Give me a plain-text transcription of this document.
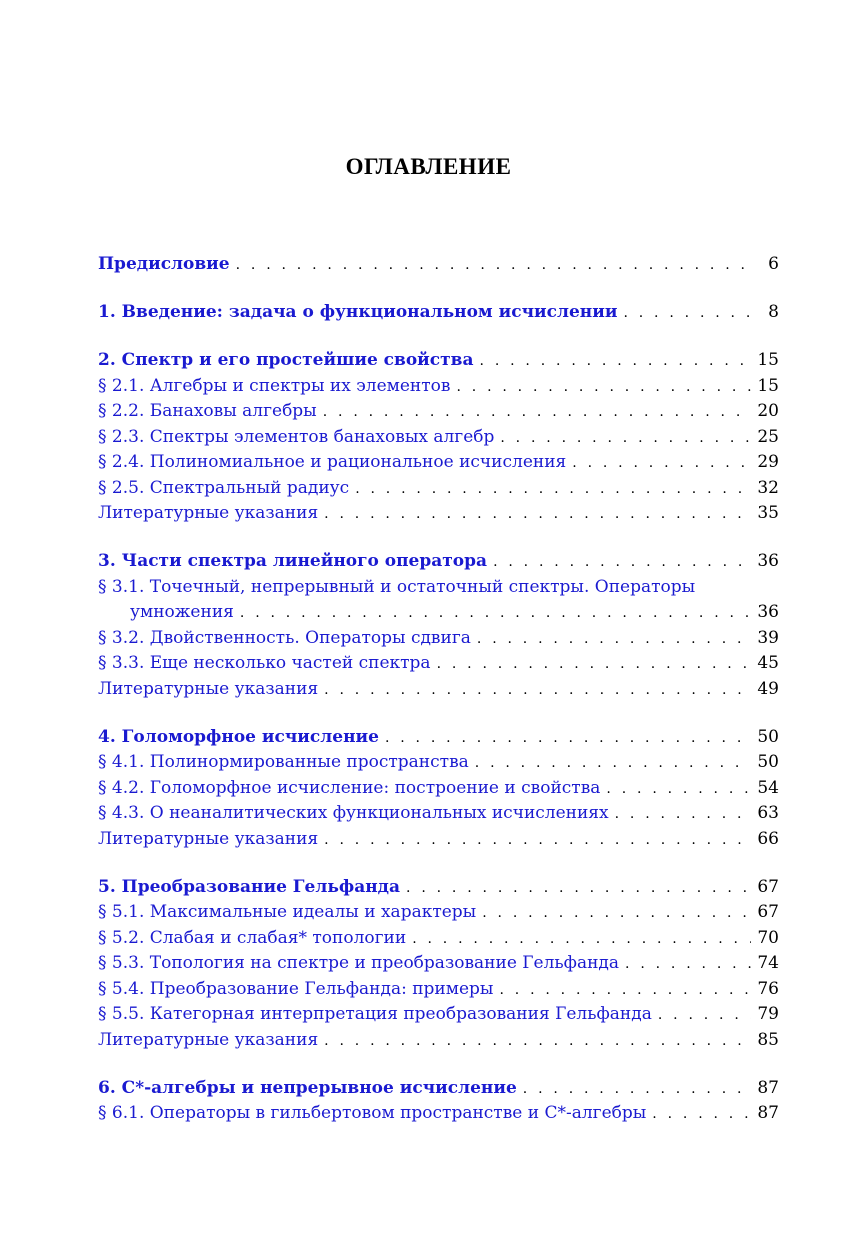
ОГЛАВЛЕНИЕ
Предисловие . . .	6
1. Введение: задача о функциональном исчислении . . .	8
2. Спектр и его простейшие свойства . . .	15
§ 2.1. Алгебры и спектры их элементов . . .	15
§ 2.2. Банаховы алгебры . . .	20
§ 2.3. Спектры элементов банаховых алгебр . . .	25
§ 2.4. Полиномиальное и рациональное исчисления . . .	29
§ 2.5. Спектральный радиус . . .	32
Литературные указания . . .	35
3. Части спектра линейного оператора . . .	36
§ 3.1. Точечный, непрерывный и остаточный спектры. Операторы
умножения . . .	36
§ 3.2. Двойственность. Операторы сдвига . . .	39
§ 3.3. Еще несколько частей спектра . . .	45
Литературные указания . . .	49
4. Голоморфное исчисление . . .	50
§ 4.1. Полинормированные пространства . . .	50
§ 4.2. Голоморфное исчисление: построение и свойства . . .	54
§ 4.3. О неаналитических функциональных исчислениях . . .	63
Литературные указания . . .	66
5. Преобразование Гельфанда . . .	67
§ 5.1. Максимальные идеалы и характеры . . .	67
§ 5.2. Слабая и слабая* топологии . . .	70
§ 5.3. Топология на спектре и преобразование Гельфанда . . .	74
§ 5.4. Преобразование Гельфанда: примеры . . .	76
§ 5.5. Категорная интерпретация преобразования Гельфанда . . .	79
Литературные указания . . .	85
6. C*-алгебры и непрерывное исчисление . . .	87
§ 6.1. Операторы в гильбертовом пространстве и C*-алгебры . . .	87
